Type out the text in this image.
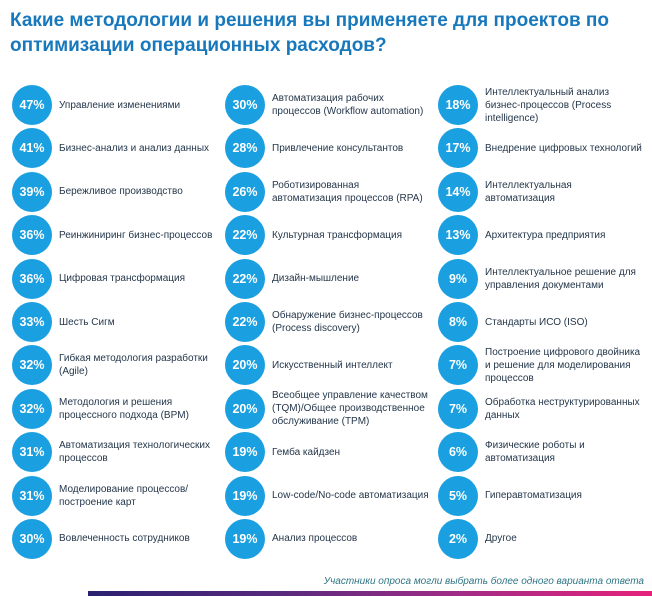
Какие методологии и решения вы применяете для проектов по
оптимизации операционных расходов?
47%	Управление изменениями
41%	Бизнес-анализ и анализ данных
39%	Бережливое производство
36%	Реинжиниринг бизнес-процессов
36%	Цифровая трансформация
33%	Шесть Сигм
32%	Гибкая методология разработки (Agile)
32%	Методология и решения процессного подхода (BPM)
31%	Автоматизация технологических процессов
31%	Моделирование процессов/ построение карт
30%	Вовлеченность сотрудников
30%	Автоматизация рабочих процессов (Workflow automation)
28%	Привлечение консультантов
26%	Роботизированная автоматизация процессов (RPA)
22%	Культурная трансформация
22%	Дизайн-мышление
22%	Обнаружение бизнес-процессов (Process discovery)
20%	Искусственный интеллект
20%
Всеобщее управление качеством (TQM)/Общее производственное обслуживание (TPM)
19%	Гемба кайдзен
19%	Low-code/No-code автоматизация
19%	Анализ процессов
18%
Интеллектуальный анализ бизнес-процессов (Process intelligence)
17%	Внедрение цифровых технологий
14%	Интеллектуальная автоматизация
13%	Архитектура предприятия
9%	Интеллектуальное решение для управления документами
8%	Стандарты ИСО (ISO)
7%
Построение цифрового двойника и решение для моделирования процессов
7%	Обработка неструктурированных данных
6%	Физические роботы и автоматизация
5%	Гиперавтоматизация
2%	Другое
Участники опроса могли выбрать более одного варианта ответа
